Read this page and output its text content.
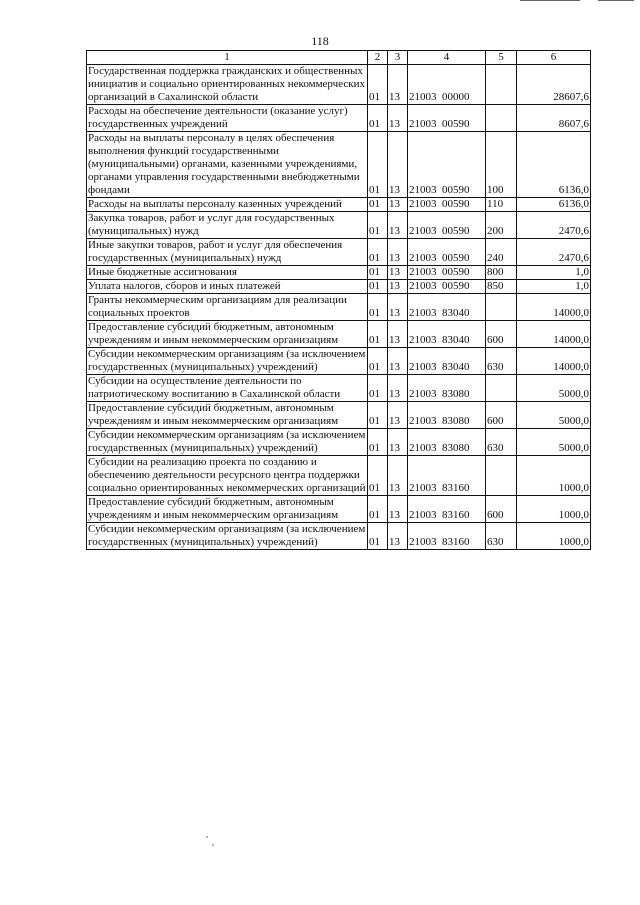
118
1	2	3	4	5	6
Государственная поддержка гражданских и общественных инициатив и социально ориентированных некоммерческих организаций в Сахалинской области	01	13	21003  00000		28607,6
Расходы на обеспечение деятельности (оказание услуг) государственных учреждений	01	13	21003  00590		8607,6
Расходы на выплаты персоналу в целях обеспечения выполнения функций государственными (муниципальными) органами, казенными учреждениями, органами управления государственными внебюджетными фондами	01	13	21003  00590	100	6136,0
Расходы на выплаты персоналу казенных учреждений	01	13	21003  00590	110	6136,0
Закупка товаров, работ и услуг для государственных (муниципальных) нужд	01	13	21003  00590	200	2470,6
Иные закупки товаров, работ и услуг для обеспечения государственных (муниципальных) нужд	01	13	21003  00590	240	2470,6
Иные бюджетные ассигнования	01	13	21003  00590	800	1,0
Уплата налогов, сборов и иных платежей	01	13	21003  00590	850	1,0
Гранты некоммерческим организациям для реализации социальных проектов	01	13	21003  83040		14000,0
Предоставление субсидий бюджетным, автономным учреждениям и иным некоммерческим организациям	01	13	21003  83040	600	14000,0
Субсидии некоммерческим организациям (за исключением государственных (муниципальных) учреждений)	01	13	21003  83040	630	14000,0
Субсидии на осуществление деятельности по патриотическому воспитанию в Сахалинской области	01	13	21003  83080		5000,0
Предоставление субсидий бюджетным, автономным учреждениям и иным некоммерческим организациям	01	13	21003  83080	600	5000,0
Субсидии некоммерческим организациям (за исключением государственных (муниципальных) учреждений)	01	13	21003  83080	630	5000,0
Субсидии на реализацию проекта по созданию и обеспечению деятельности ресурсного центра поддержки социально ориентированных некоммерческих организаций	01	13	21003  83160		1000,0
Предоставление субсидий бюджетным, автономным учреждениям и иным некоммерческим организациям	01	13	21003  83160	600	1000,0
Субсидии некоммерческим организациям (за исключением государственных (муниципальных) учреждений)	01	13	21003  83160	630	1000,0
